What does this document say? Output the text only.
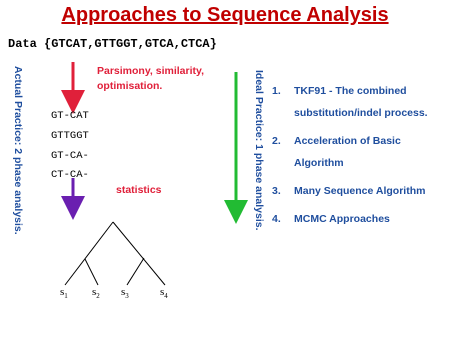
Approaches to Sequence Analysis
Data {GTCAT,GTTGGT,GTCA,CTCA}
Actual Practice: 2 phase analysis.	Parsimony, similarity, optimisation.
GT-CAT
GTTGGT
GT-CA-
CT-CA-
statistics
$s_1$ $s_2$ $s_3$	$s_4$
Ideal Practice: 1 phase analysis. 1. TKF91 - The combined substitution/indel process.
2. Acceleration of Basic Algorithm
3. Many Sequence Algorithm
4. MCMC Approaches
